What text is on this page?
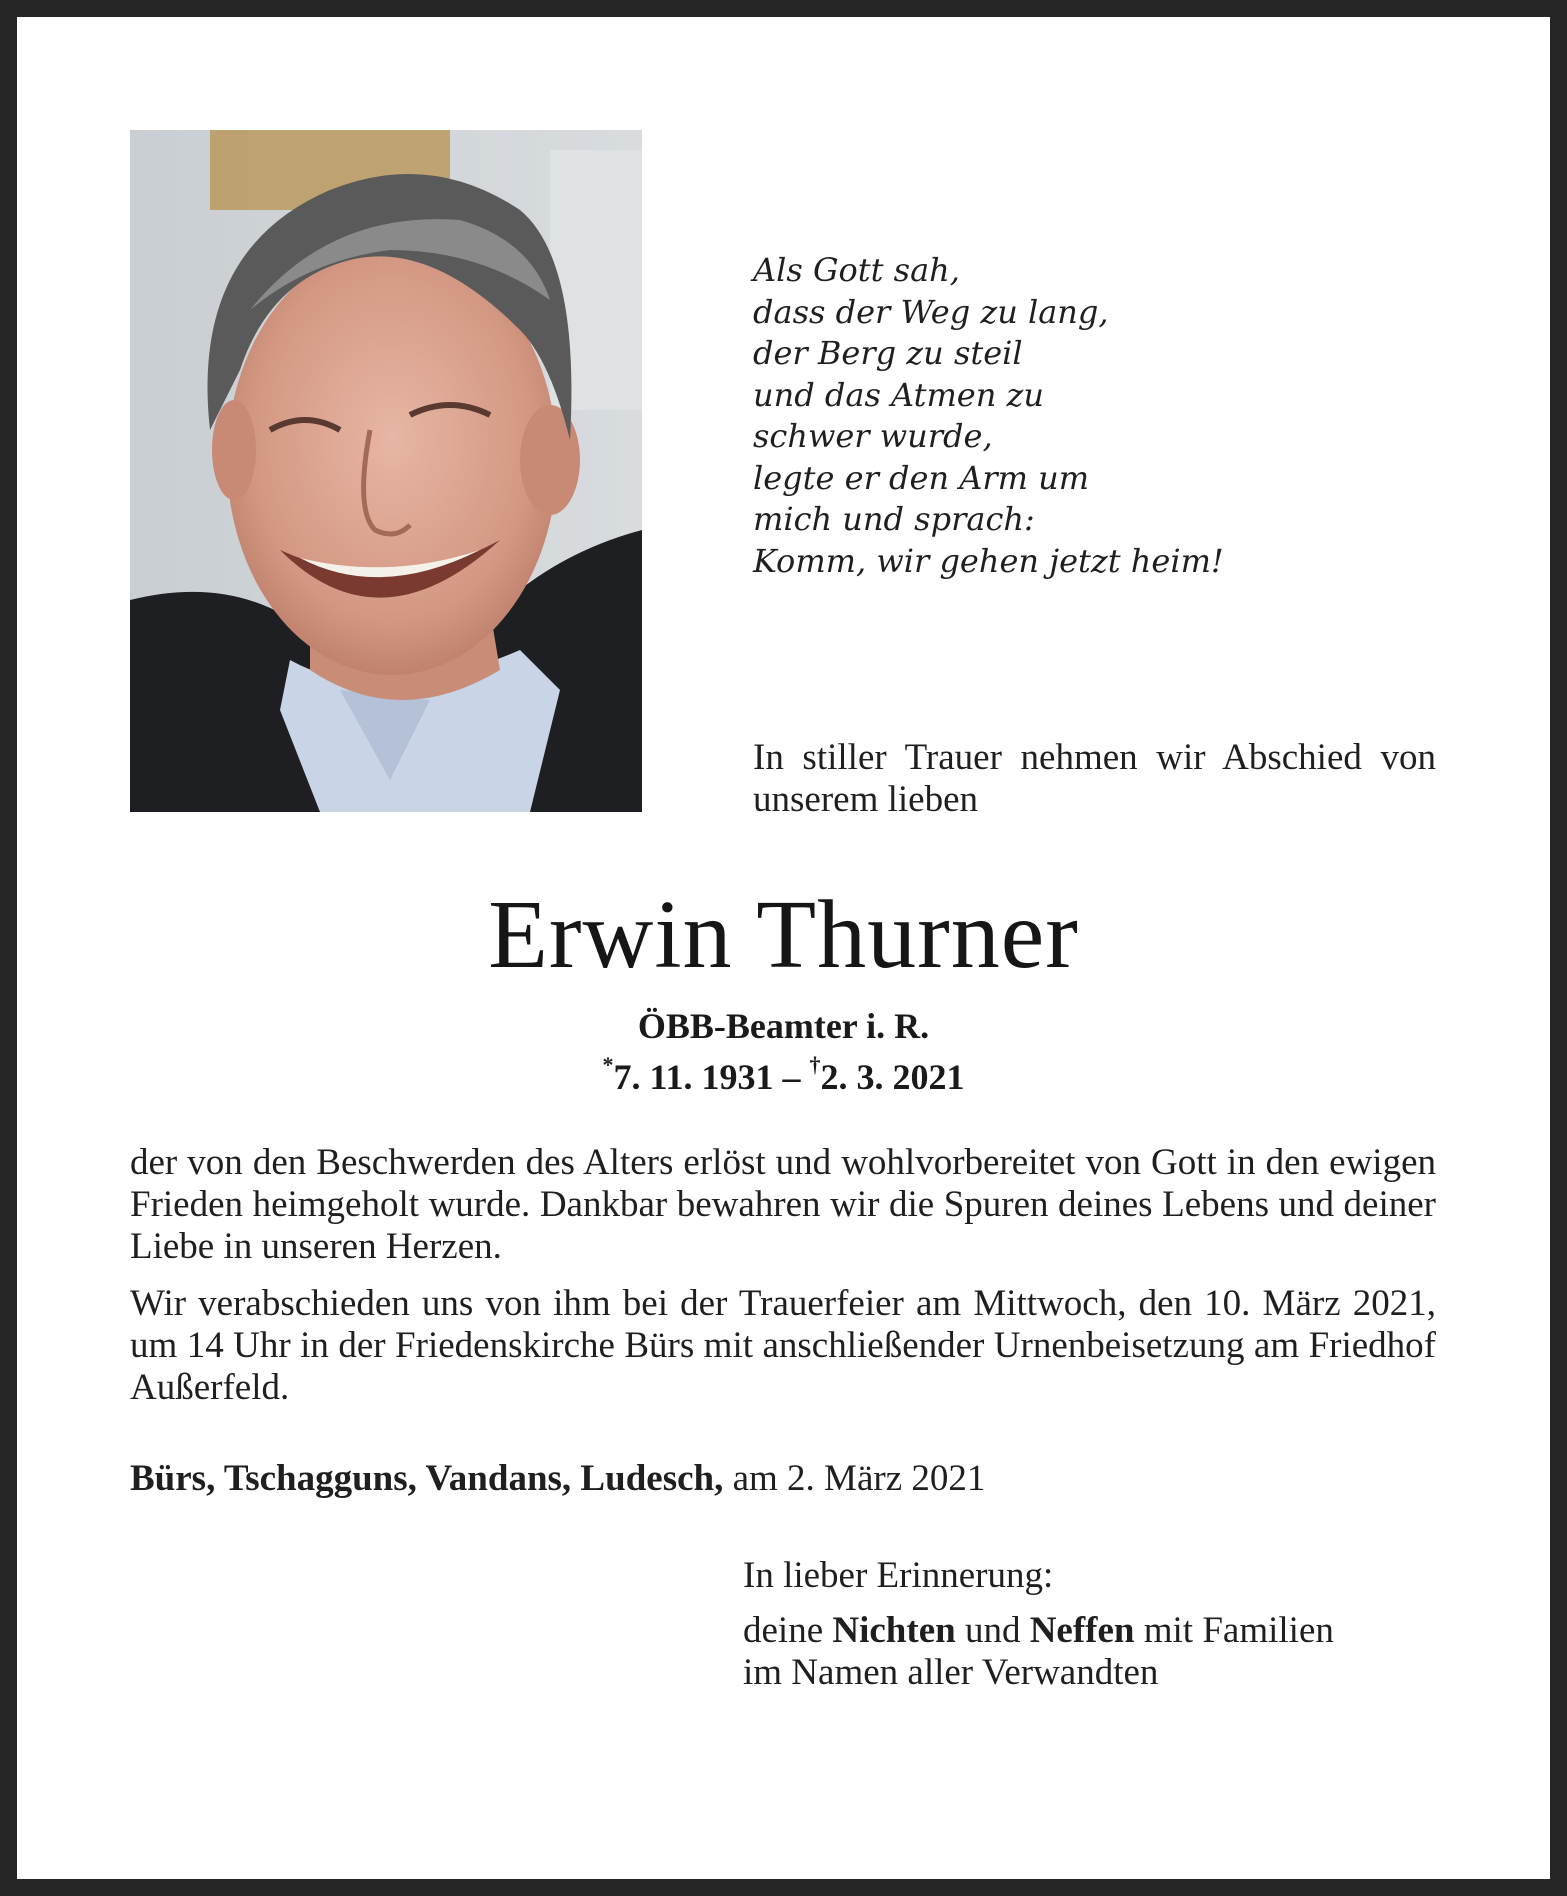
Als Gott sah,
dass der Weg zu lang,
der Berg zu steil
und das Atmen zu
schwer wurde,
legte er den Arm um
mich und sprach:
Komm, wir gehen jetzt heim!
In stiller Trauer nehmen wir Abschied von unserem lieben
Erwin Thurner
ÖBB-Beamter i. R.
*7. 11. 1931 – †2. 3. 2021
der von den Beschwerden des Alters erlöst und wohlvorbereitet von Gott in den ewigen Frieden heimgeholt wurde. Dankbar bewahren wir die Spuren deines Lebens und deiner Liebe in unseren Herzen.
Wir verabschieden uns von ihm bei der Trauerfeier am Mittwoch, den 10. März 2021, um 14 Uhr in der Friedenskirche Bürs mit anschließender Urnenbeisetzung am Friedhof Außerfeld.
Bürs, Tschagguns, Vandans, Ludesch, am 2. März 2021
In lieber Erinnerung:
deine Nichten und Neffen mit Familien
im Namen aller Verwandten
